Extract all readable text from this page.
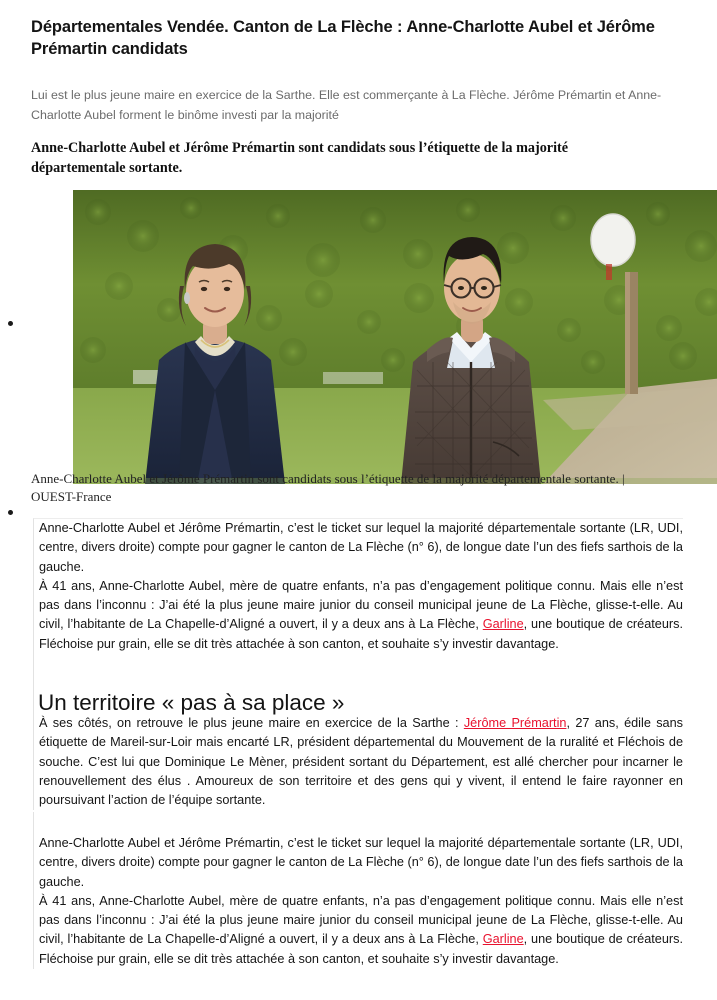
Départementales Vendée. Canton de La Flèche : Anne-Charlotte Aubel et Jérôme Prémartin candidats

Lui est le plus jeune maire en exercice de la Sarthe. Elle est commerçante à La Flèche. Jérôme Prémartin et Anne-Charlotte Aubel forment le binôme investi par la majorité

Anne-Charlotte Aubel et Jérôme Prémartin sont candidats sous l’étiquette de la majorité départementale sortante.

Anne-Charlotte Aubel et Jérôme Prémartin sont candidats sous l’étiquette de la majorité départementale sortante. | OUEST-France

Anne-Charlotte Aubel et Jérôme Prémartin, c’est le ticket sur lequel la majorité départementale sortante (LR, UDI, centre, divers droite) compte pour gagner le canton de La Flèche (n° 6), de longue date l’un des fiefs sarthois de la gauche.

À 41 ans, Anne-Charlotte Aubel, mère de quatre enfants, n’a pas d’engagement politique connu. Mais elle n’est pas dans l’inconnu : J’ai été la plus jeune maire junior du conseil municipal jeune de La Flèche, glisse-t-elle. Au civil, l’habitante de La Chapelle-d’Aligné a ouvert, il y a deux ans à La Flèche, Garline, une boutique de créateurs. Fléchoise pur grain, elle se dit très attachée à son canton, et souhaite s’y investir davantage.

Un territoire « pas à sa place »

À ses côtés, on retrouve le plus jeune maire en exercice de la Sarthe : Jérôme Prémartin, 27 ans, édile sans étiquette de Mareil-sur-Loir mais encarté LR, président départemental du Mouvement de la ruralité et Fléchois de souche. C’est lui que Dominique Le Mèner, président sortant du Département, est allé chercher pour incarner le renouvellement des élus . Amoureux de son territoire et des gens qui y vivent, il entend le faire rayonner en poursuivant l’action de l’équipe sortante.

Anne-Charlotte Aubel et Jérôme Prémartin, c’est le ticket sur lequel la majorité départementale sortante (LR, UDI, centre, divers droite) compte pour gagner le canton de La Flèche (n° 6), de longue date l’un des fiefs sarthois de la gauche.

À 41 ans, Anne-Charlotte Aubel, mère de quatre enfants, n’a pas d’engagement politique connu. Mais elle n’est pas dans l’inconnu : J’ai été la plus jeune maire junior du conseil municipal jeune de La Flèche, glisse-t-elle. Au civil, l’habitante de La Chapelle-d’Aligné a ouvert, il y a deux ans à La Flèche, Garline, une boutique de créateurs. Fléchoise pur grain, elle se dit très attachée à son canton, et souhaite s’y investir davantage.
